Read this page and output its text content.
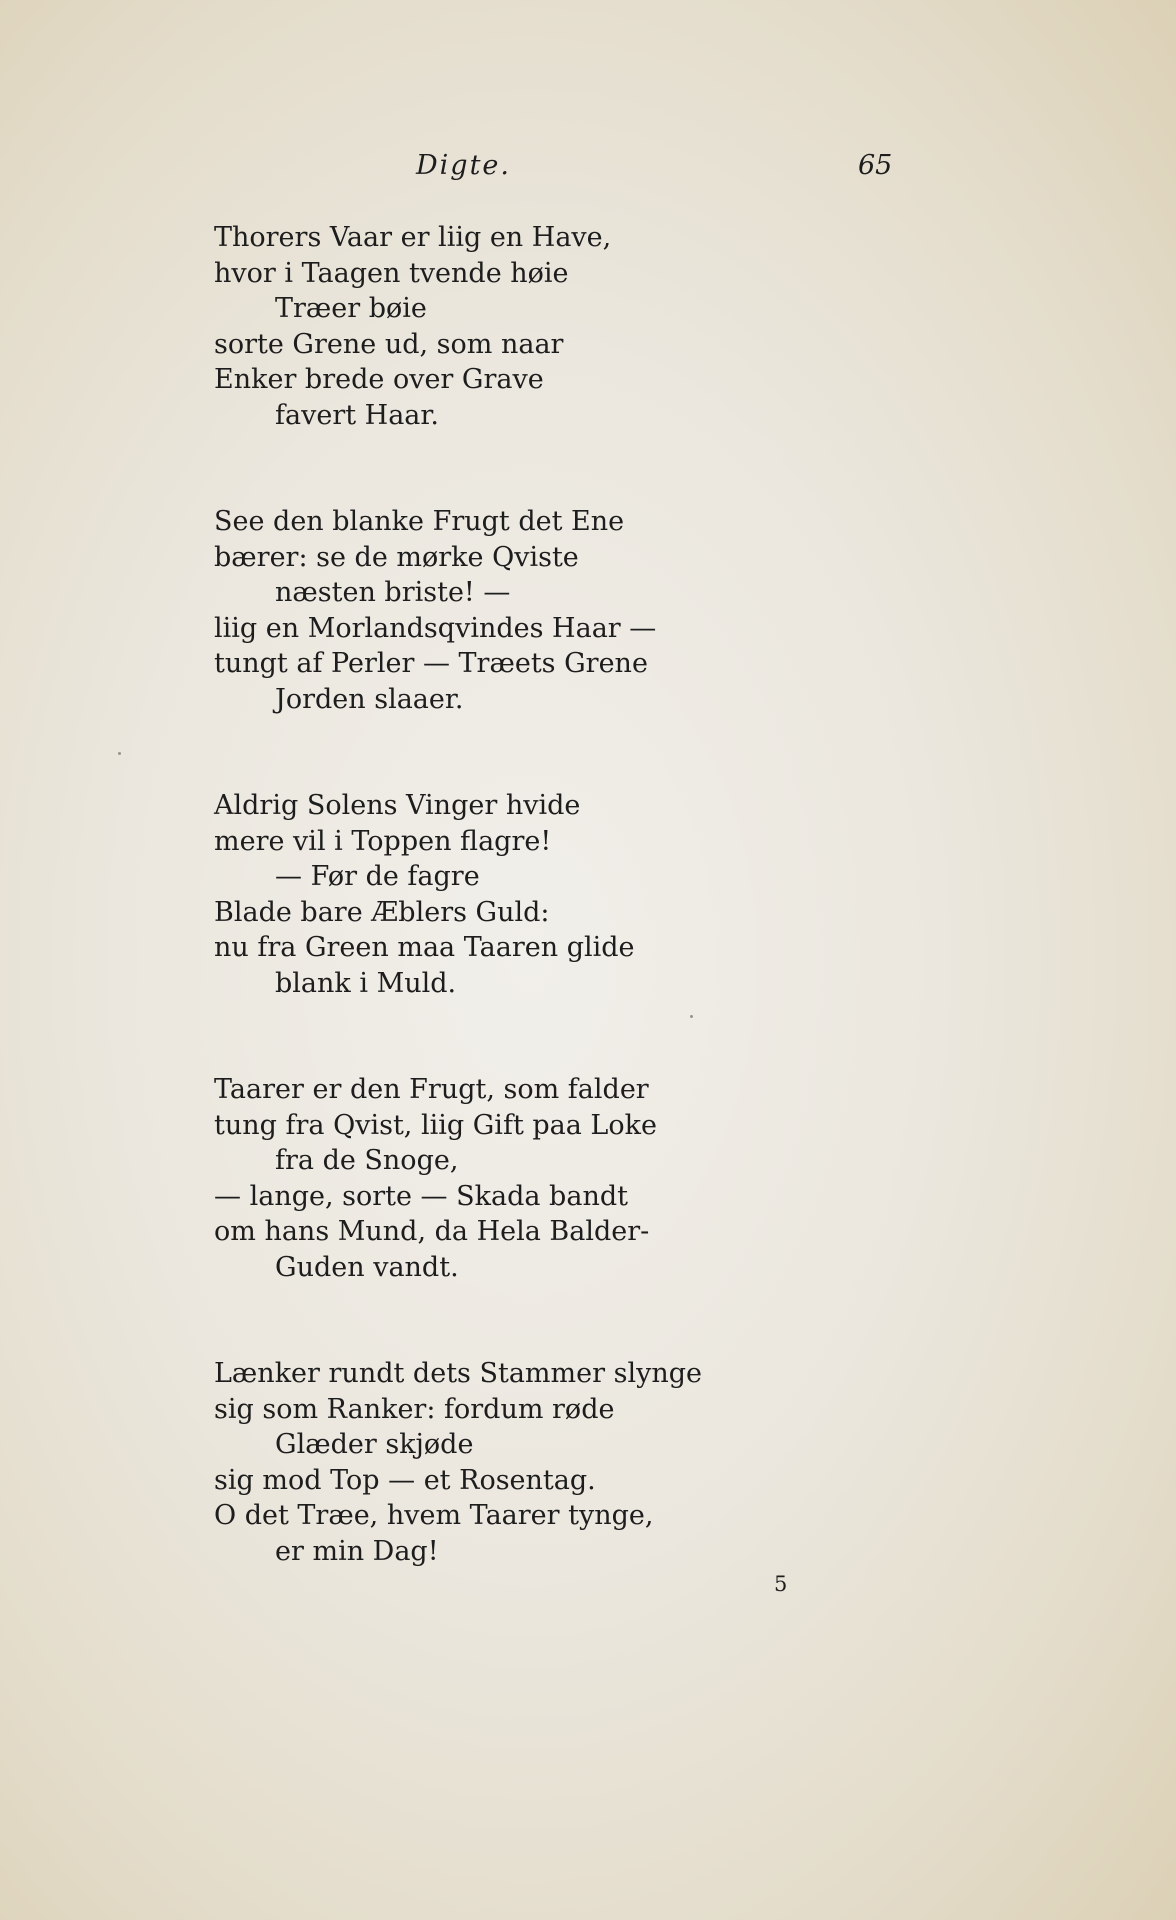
Digte.	65
Thorers Vaar er liig en Have,
hvor i Taagen tvende høie
Træer bøie
sorte Grene ud, som naar
Enker brede over Grave
favert Haar.
See den blanke Frugt det Ene
bærer: se de mørke Qviste
næsten briste! —
liig en Morlandsqvindes Haar —
tungt af Perler — Træets Grene
Jorden slaaer.
Aldrig Solens Vinger hvide
mere vil i Toppen flagre!
— Før de fagre
Blade bare Æblers Guld:
nu fra Green maa Taaren glide
blank i Muld.
Taarer er den Frugt, som falder
tung fra Qvist, liig Gift paa Loke
fra de Snoge,
— lange, sorte — Skada bandt
om hans Mund, da Hela Balder-
Guden vandt.
Lænker rundt dets Stammer slynge
sig som Ranker: fordum røde
Glæder skjøde
sig mod Top — et Rosentag.
O det Træe, hvem Taarer tynge,
er min Dag!
5
